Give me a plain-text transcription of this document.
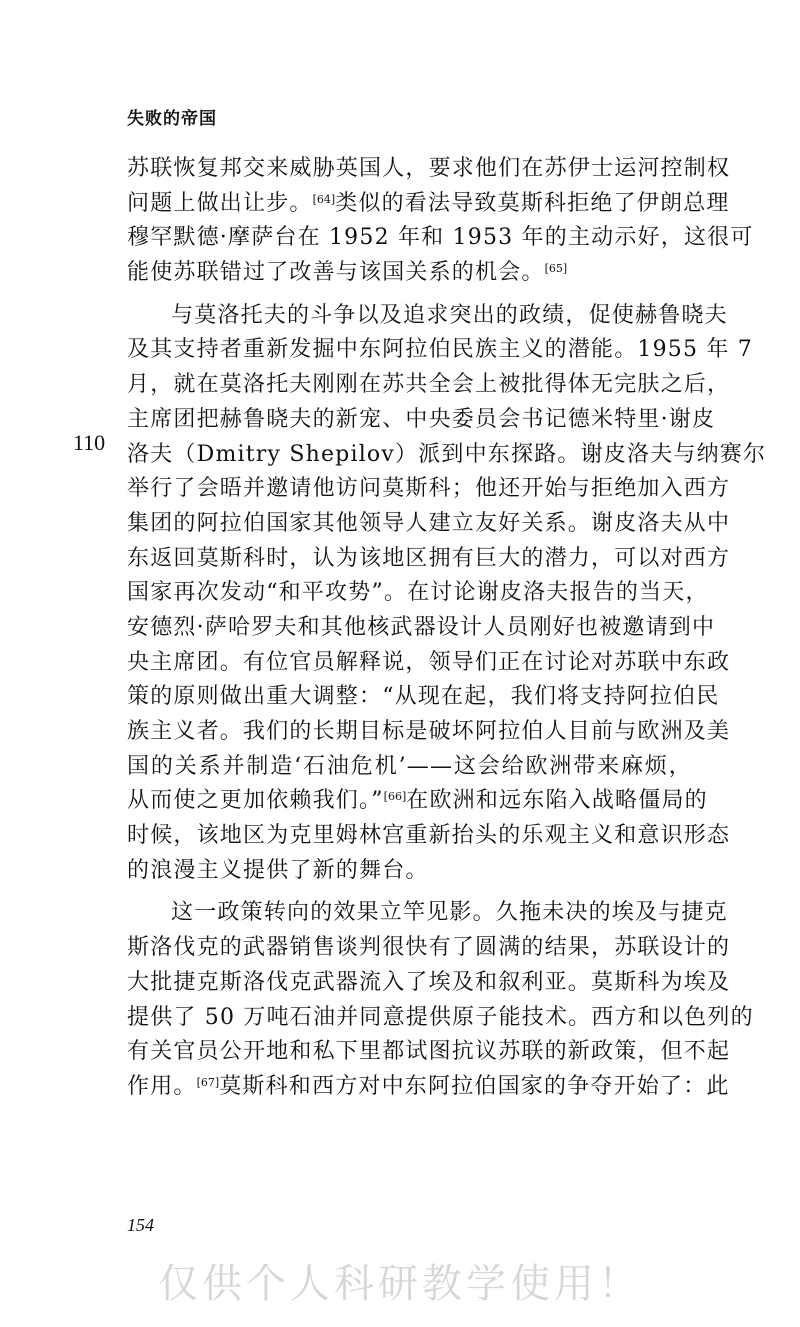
失败的帝国
110
苏联恢复邦交来威胁英国人，要求他们在苏伊士运河控制权
问题上做出让步。[64]类似的看法导致莫斯科拒绝了伊朗总理
穆罕默德·摩萨台在 1952 年和 1953 年的主动示好，这很可
能使苏联错过了改善与该国关系的机会。[65]
与莫洛托夫的斗争以及追求突出的政绩，促使赫鲁晓夫
及其支持者重新发掘中东阿拉伯民族主义的潜能。1955 年 7
月，就在莫洛托夫刚刚在苏共全会上被批得体无完肤之后，
主席团把赫鲁晓夫的新宠、中央委员会书记德米特里·谢皮
洛夫（Dmitry Shepilov）派到中东探路。谢皮洛夫与纳赛尔
举行了会晤并邀请他访问莫斯科；他还开始与拒绝加入西方
集团的阿拉伯国家其他领导人建立友好关系。谢皮洛夫从中
东返回莫斯科时，认为该地区拥有巨大的潜力，可以对西方
国家再次发动“和平攻势”。在讨论谢皮洛夫报告的当天，
安德烈·萨哈罗夫和其他核武器设计人员刚好也被邀请到中
央主席团。有位官员解释说，领导们正在讨论对苏联中东政
策的原则做出重大调整：“从现在起，我们将支持阿拉伯民
族主义者。我们的长期目标是破坏阿拉伯人目前与欧洲及美
国的关系并制造‘石油危机’——这会给欧洲带来麻烦，
从而使之更加依赖我们。”[66]在欧洲和远东陷入战略僵局的
时候，该地区为克里姆林宫重新抬头的乐观主义和意识形态
的浪漫主义提供了新的舞台。
这一政策转向的效果立竿见影。久拖未决的埃及与捷克
斯洛伐克的武器销售谈判很快有了圆满的结果，苏联设计的
大批捷克斯洛伐克武器流入了埃及和叙利亚。莫斯科为埃及
提供了 50 万吨石油并同意提供原子能技术。西方和以色列的
有关官员公开地和私下里都试图抗议苏联的新政策，但不起
作用。[67]莫斯科和西方对中东阿拉伯国家的争夺开始了：此
154
仅供个人科研教学使用！
